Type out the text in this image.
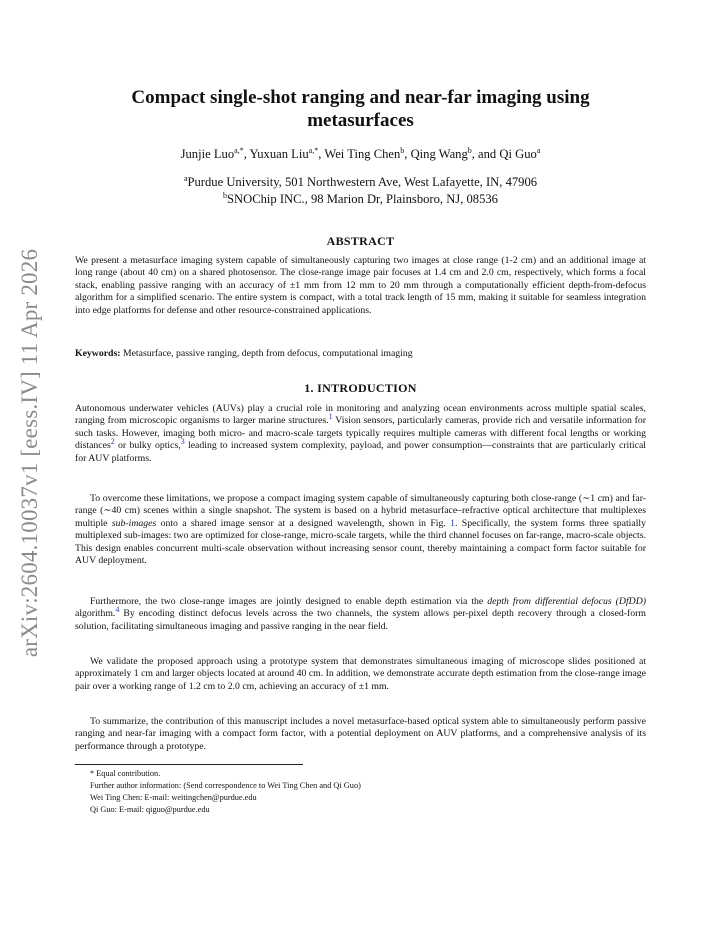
arXiv:2604.10037v1 [eess.IV] 11 Apr 2026
Compact single-shot ranging and near-far imaging using
metasurfaces
Junjie Luo$^{a,*}$, Yuxuan Liu$^{a,*}$, Wei Ting Chen$^b$, Qing Wang$^b$, and Qi Guo$^a$
$^a$Purdue University, 501 Northwestern Ave, West Lafayette, IN, 47906
$^b$SNOChip INC., 98 Marion Dr, Plainsboro, NJ, 08536
ABSTRACT
We present a metasurface imaging system capable of simultaneously capturing two images at close range (1-2 cm) and an additional image at long range (about 40 cm) on a shared photosensor. The close-range image pair focuses at 1.4 cm and 2.0 cm, respectively, which forms a focal stack, enabling passive ranging with an accuracy of ±1 mm from 12 mm to 20 mm through a computationally efficient depth-from-defocus algorithm for a simplified scenario. The entire system is compact, with a total track length of 15 mm, making it suitable for seamless integration into edge platforms for defense and other resource-constrained applications.
Keywords: Metasurface, passive ranging, depth from defocus, computational imaging
1. INTRODUCTION
Autonomous underwater vehicles (AUVs) play a crucial role in monitoring and analyzing ocean environments across multiple spatial scales, ranging from microscopic organisms to larger marine structures.$^1$ Vision sensors, particularly cameras, provide rich and versatile information for such tasks. However, imaging both micro- and macro-scale targets typically requires multiple cameras with different focal lengths or working distances$^2$ or bulky optics,$^3$ leading to increased system complexity, payload, and power consumption—constraints that are particularly critical for AUV platforms.
To overcome these limitations, we propose a compact imaging system capable of simultaneously capturing both close-range (∼1 cm) and far-range (∼40 cm) scenes within a single snapshot. The system is based on a hybrid metasurface–refractive optical architecture that multiplexes multiple sub-images onto a shared image sensor at a designed wavelength, shown in Fig. 1. Specifically, the system forms three spatially multiplexed sub-images: two are optimized for close-range, micro-scale targets, while the third channel focuses on far-range, macro-scale objects. This design enables concurrent multi-scale observation without increasing sensor count, thereby maintaining a compact form factor suitable for AUV deployment.
Furthermore, the two close-range images are jointly designed to enable depth estimation via the depth from differential defocus (DfDD) algorithm.$^4$ By encoding distinct defocus levels across the two channels, the system allows per-pixel depth recovery through a closed-form solution, facilitating simultaneous imaging and passive ranging in the near field.
We validate the proposed approach using a prototype system that demonstrates simultaneous imaging of microscope slides positioned at approximately 1 cm and larger objects located at around 40 cm. In addition, we demonstrate accurate depth estimation from the close-range image pair over a working range of 1.2 cm to 2.0 cm, achieving an accuracy of ±1 mm.
To summarize, the contribution of this manuscript includes a novel metasurface-based optical system able to simultaneously perform passive ranging and near-far imaging with a compact form factor, with a potential deployment on AUV platforms, and a comprehensive analysis of its performance through a prototype.
* Equal contribution.
Further author information: (Send correspondence to Wei Ting Chen and Qi Guo)
Wei Ting Chen: E-mail: weitingchen@purdue.edu
Qi Guo: E-mail: qiguo@purdue.edu
